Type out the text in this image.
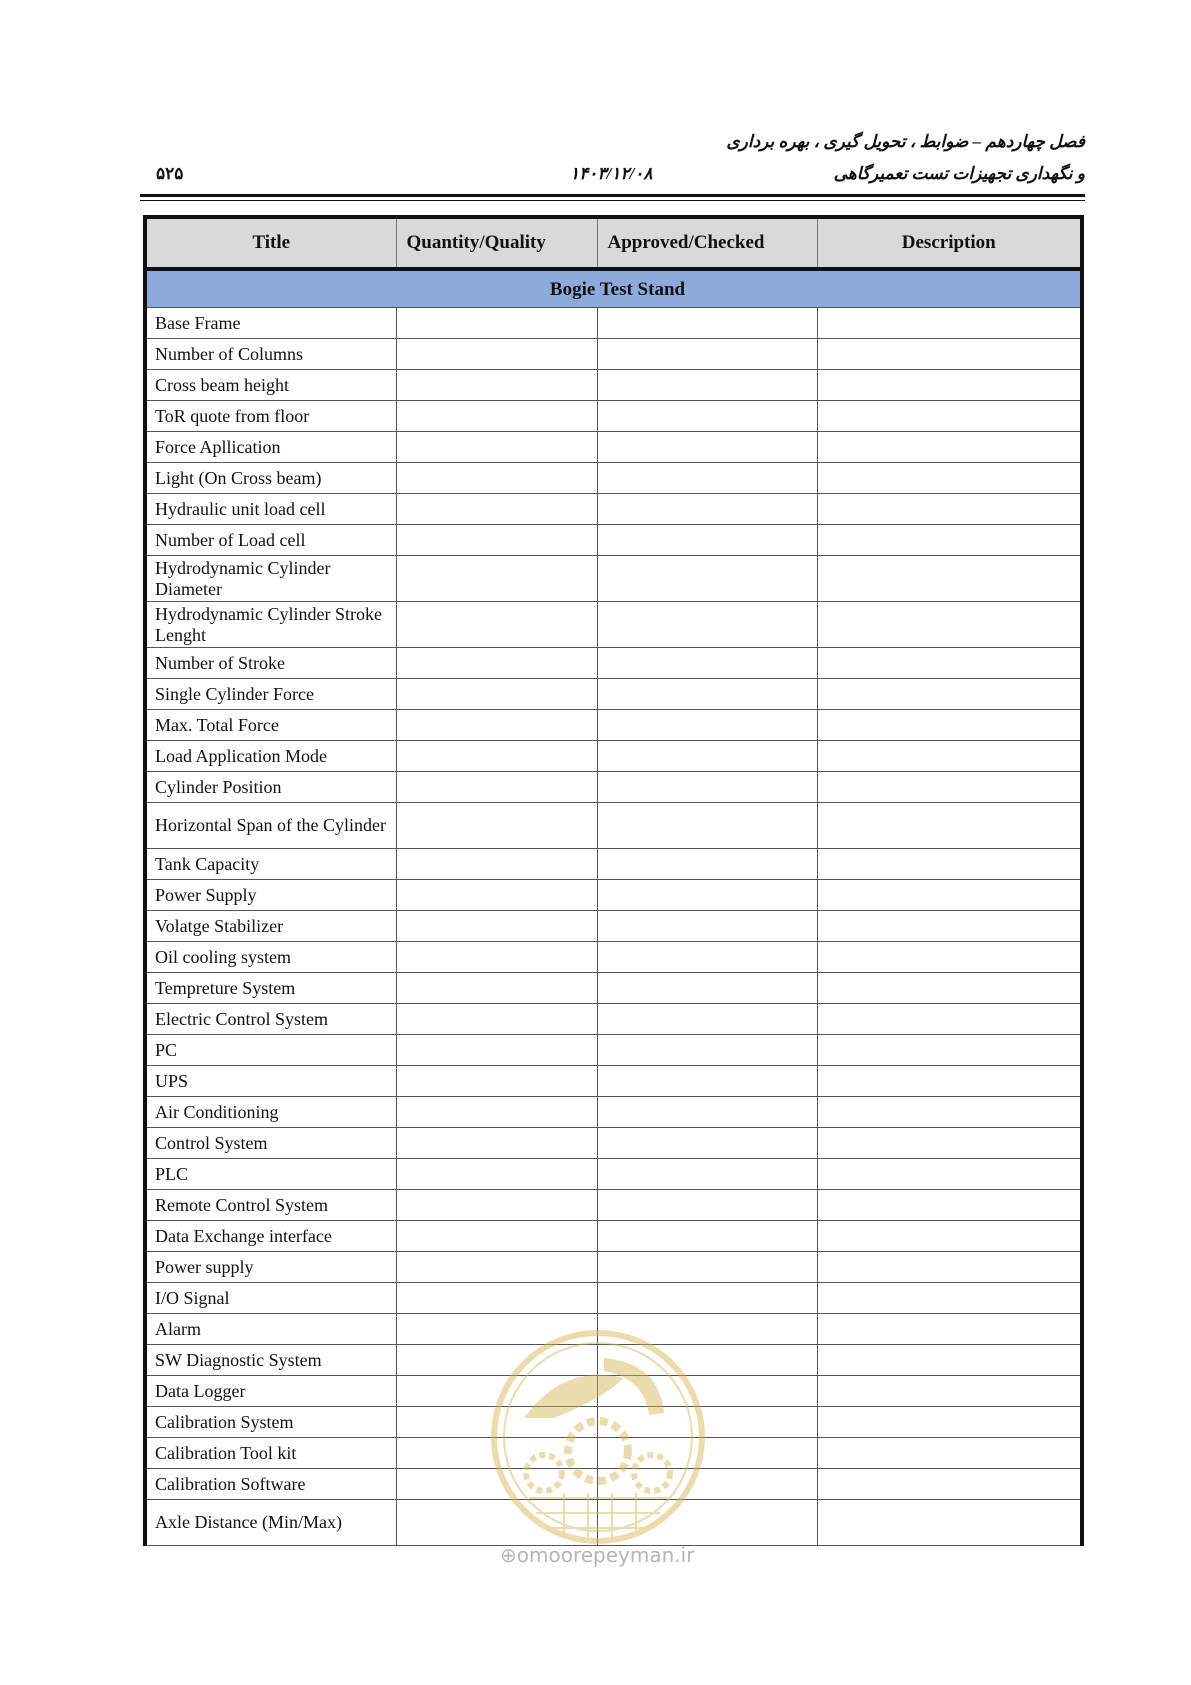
فصل چهاردهم – ضوابط ، تحویل گیری ، بهره برداری
و نگهداری تجهیزات تست تعمیرگاهی
۱۴۰۳/۱۲/۰۸
۵۲۵
Title	Quantity/Quality	Approved/Checked	Description
Bogie Test Stand			
Base Frame			
Number of Columns			
Cross beam height			
ToR quote from floor			
Force Apllication			
Light (On Cross beam)			
Hydraulic unit load cell			
Number of Load cell			
Hydrodynamic Cylinder Diameter			
Hydrodynamic Cylinder Stroke Lenght			
Number of Stroke			
Single Cylinder Force			
Max. Total Force			
Load Application Mode			
Cylinder Position			
Horizontal Span of the Cylinder			
Tank Capacity			
Power Supply			
Volatge Stabilizer			
Oil cooling system			
Tempreture System			
Electric Control System			
PC			
UPS			
Air Conditioning			
Control System			
PLC			
Remote Control System			
Data Exchange interface			
Power supply			
I/O Signal			
Alarm			
SW Diagnostic System			
Data Logger			
Calibration System			
Calibration Tool kit			
Calibration Software			
Axle Distance (Min/Max)			
⊕omoorepeyman.ir
